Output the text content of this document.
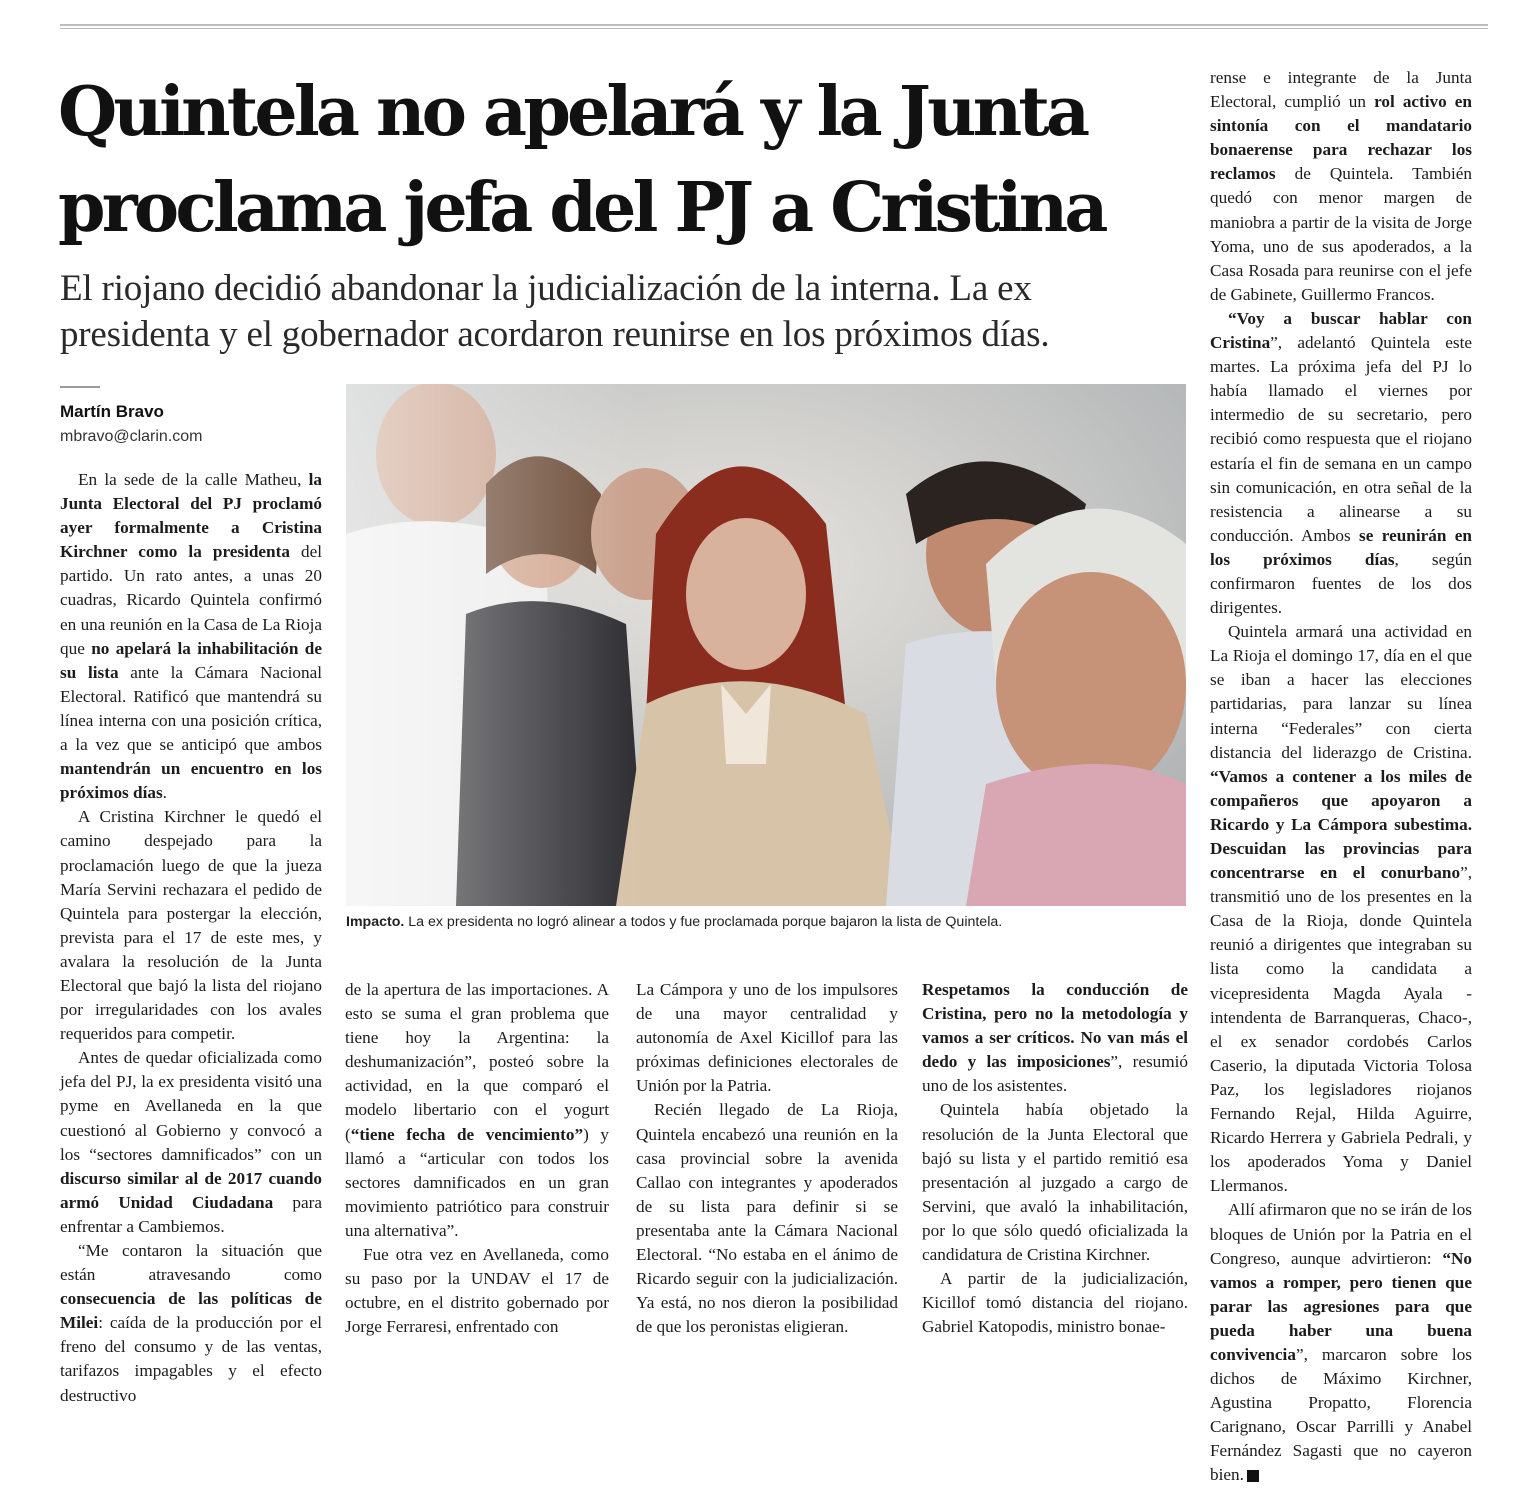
Quintela no apelará y la Junta
proclama jefa del PJ a Cristina

El riojano decidió abandonar la judicialización de la interna. La ex
presidenta y el gobernador acordaron reunirse en los próximos días.

Martín Bravo
mbravo@clarin.com

En la sede de la calle Matheu, la Junta Electoral del PJ proclamó ayer formalmente a Cristina Kirchner como la presidenta del partido. Un rato antes, a unas 20 cuadras, Ricardo Quintela confirmó en una reunión en la Casa de La Rioja que no apelará la inhabilitación de su lista ante la Cámara Nacional Electoral. Ratificó que mantendrá su línea interna con una posición crítica, a la vez que se anticipó que ambos mantendrán un encuentro en los próximos días.

A Cristina Kirchner le quedó el camino despejado para la proclamación luego de que la jueza María Servini rechazara el pedido de Quintela para postergar la elección, prevista para el 17 de este mes, y avalara la resolución de la Junta Electoral que bajó la lista del riojano por irregularidades con los avales requeridos para competir.

Antes de quedar oficializada como jefa del PJ, la ex presidenta visitó una pyme en Avellaneda en la que cuestionó al Gobierno y convocó a los “sectores damnificados” con un discurso similar al de 2017 cuando armó Unidad Ciudadana para enfrentar a Cambiemos.

“Me contaron la situación que están atravesando como consecuencia de las políticas de Milei: caída de la producción por el freno del consumo y de las ventas, tarifazos impagables y el efecto destructivo

Impacto. La ex presidenta no logró alinear a todos y fue proclamada porque bajaron la lista de Quintela.

de la apertura de las importaciones. A esto se suma el gran problema que tiene hoy la Argentina: la deshumanización”, posteó sobre la actividad, en la que comparó el modelo libertario con el yogurt (“tiene fecha de vencimiento”) y llamó a “articular con todos los sectores damnificados en un gran movimiento patriótico para construir una alternativa”.

Fue otra vez en Avellaneda, como su paso por la UNDAV el 17 de octubre, en el distrito gobernado por Jorge Ferraresi, enfrentado con

La Cámpora y uno de los impulsores de una mayor centralidad y autonomía de Axel Kicillof para las próximas definiciones electorales de Unión por la Patria.

Recién llegado de La Rioja, Quintela encabezó una reunión en la casa provincial sobre la avenida Callao con integrantes y apoderados de su lista para definir si se presentaba ante la Cámara Nacional Electoral. “No estaba en el ánimo de Ricardo seguir con la judicialización. Ya está, no nos dieron la posibilidad de que los peronistas eligieran.

Respetamos la conducción de Cristina, pero no la metodología y vamos a ser críticos. No van más el dedo y las imposiciones”, resumió uno de los asistentes.

Quintela había objetado la resolución de la Junta Electoral que bajó su lista y el partido remitió esa presentación al juzgado a cargo de Servini, que avaló la inhabilitación, por lo que sólo quedó oficializada la candidatura de Cristina Kirchner.

A partir de la judicialización, Kicillof tomó distancia del riojano. Gabriel Katopodis, ministro bonae-

rense e integrante de la Junta Electoral, cumplió un rol activo en sintonía con el mandatario bonaerense para rechazar los reclamos de Quintela. También quedó con menor margen de maniobra a partir de la visita de Jorge Yoma, uno de sus apoderados, a la Casa Rosada para reunirse con el jefe de Gabinete, Guillermo Francos.

“Voy a buscar hablar con Cristina”, adelantó Quintela este martes. La próxima jefa del PJ lo había llamado el viernes por intermedio de su secretario, pero recibió como respuesta que el riojano estaría el fin de semana en un campo sin comunicación, en otra señal de la resistencia a alinearse a su conducción. Ambos se reunirán en los próximos días, según confirmaron fuentes de los dos dirigentes.

Quintela armará una actividad en La Rioja el domingo 17, día en el que se iban a hacer las elecciones partidarias, para lanzar su línea interna “Federales” con cierta distancia del liderazgo de Cristina. “Vamos a contener a los miles de compañeros que apoyaron a Ricardo y La Cámpora subestima. Descuidan las provincias para concentrarse en el conurbano”, transmitió uno de los presentes en la Casa de la Rioja, donde Quintela reunió a dirigentes que integraban su lista como la candidata a vicepresidenta Magda Ayala -intendenta de Barranqueras, Chaco-, el ex senador cordobés Carlos Caserio, la diputada Victoria Tolosa Paz, los legisladores riojanos Fernando Rejal, Hilda Aguirre, Ricardo Herrera y Gabriela Pedrali, y los apoderados Yoma y Daniel Llermanos.

Allí afirmaron que no se irán de los bloques de Unión por la Patria en el Congreso, aunque advirtieron: “No vamos a romper, pero tienen que parar las agresiones para que pueda haber una buena convivencia”, marcaron sobre los dichos de Máximo Kirchner, Agustina Propatto, Florencia Carignano, Oscar Parrilli y Anabel Fernández Sagasti que no cayeron bien.
